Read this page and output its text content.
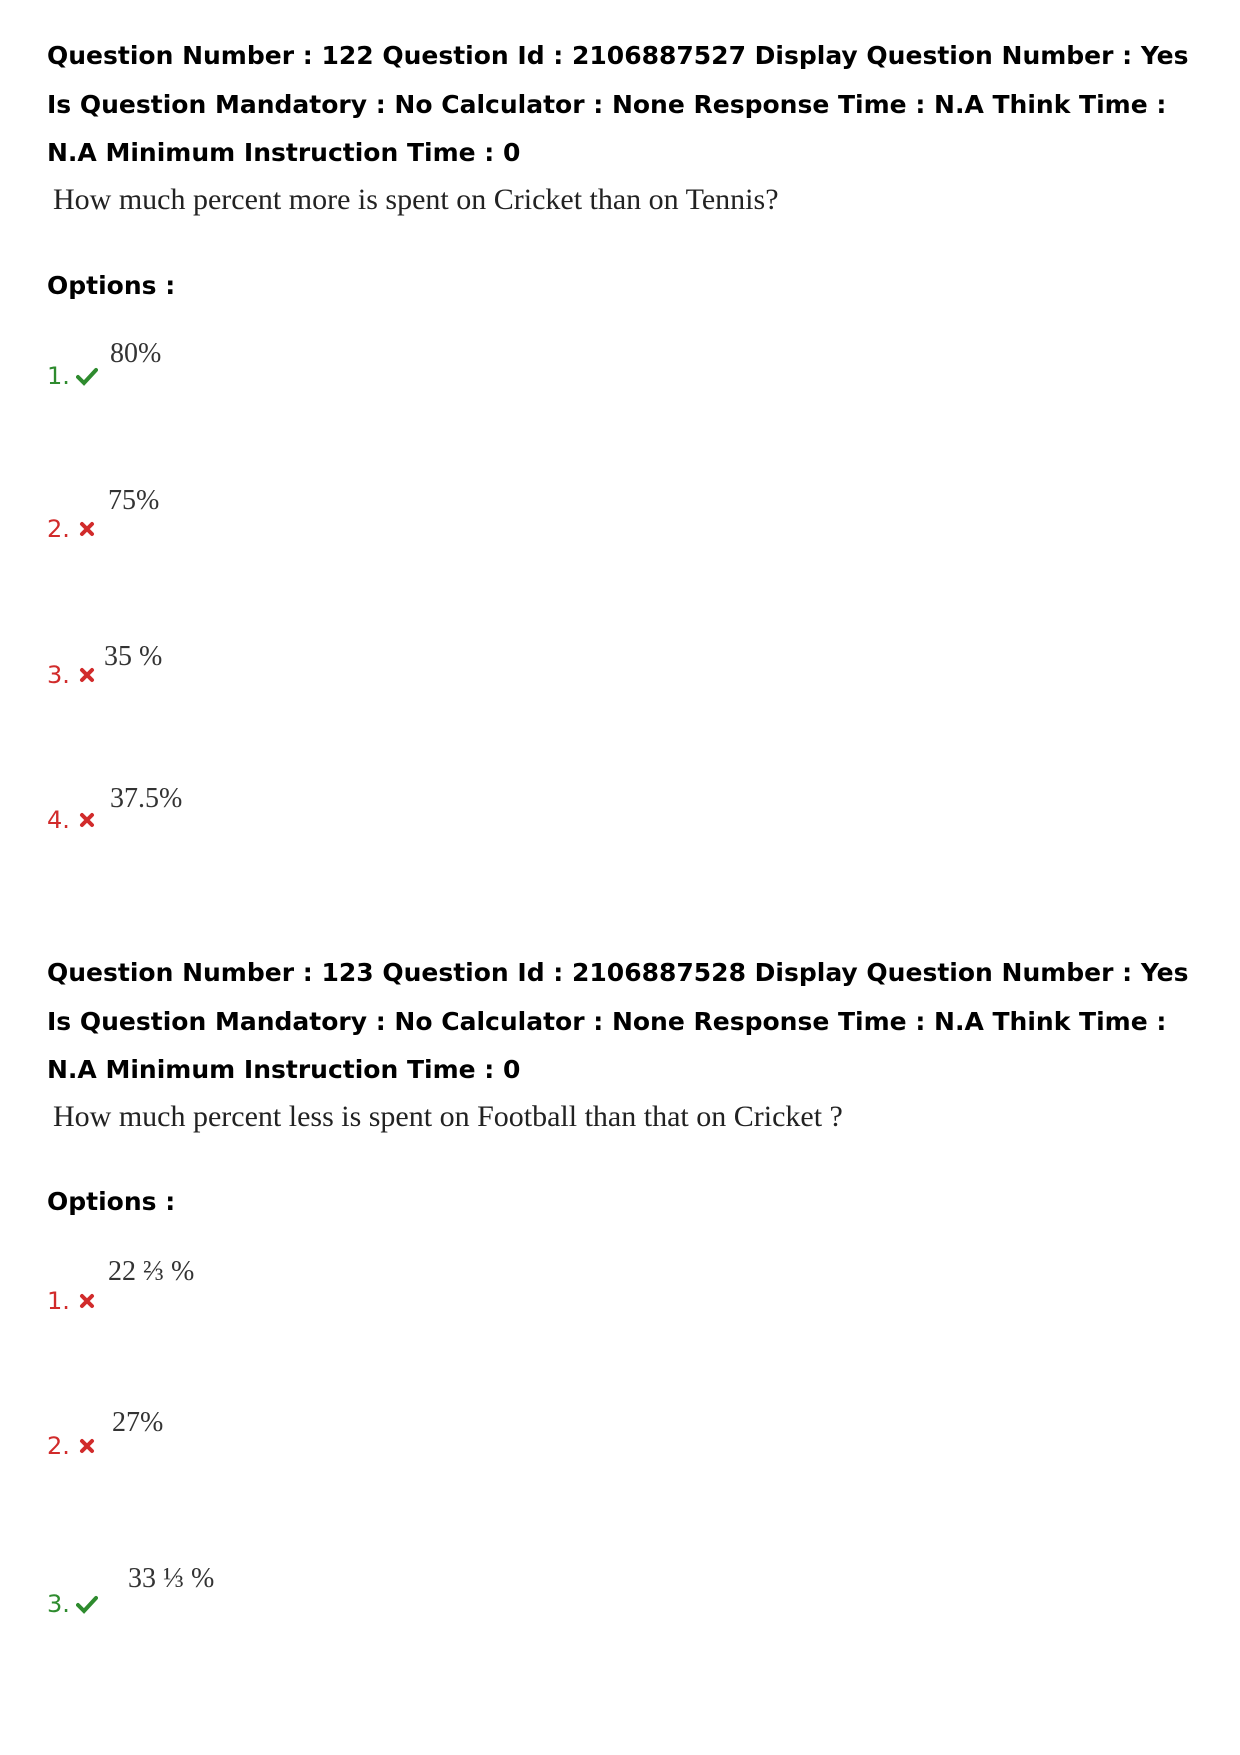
Question Number : 122 Question Id : 2106887527 Display Question Number : Yes Is Question Mandatory : No Calculator : None Response Time : N.A Think Time : N.A Minimum Instruction Time : 0

How much percent more is spent on Cricket than on Tennis?

Options :

1.
80%
2.
75%
3.
35 %
4.
37.5%

Question Number : 123 Question Id : 2106887528 Display Question Number : Yes Is Question Mandatory : No Calculator : None Response Time : N.A Think Time : N.A Minimum Instruction Time : 0

How much percent less is spent on Football than that on Cricket ?

Options :

1.
22 ⅔ %
2.
27%
3.
33 ⅓ %
